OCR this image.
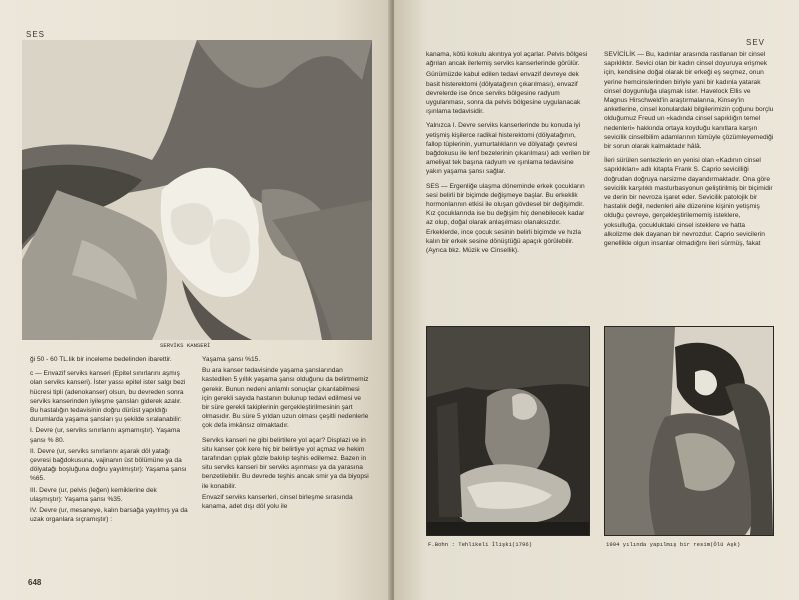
SES
SERVİKS KANSERİ

ği 50 - 60 TL.lik bir inceleme bedelinden ibarettir.

c — Envazif serviks kanseri (Epitel sınırlarını aşmış olan serviks kanseri). İster yassı epitel ister salgı bezi hücresi tipli (adenokanser) olsun, bu devreden sonra serviks kanserinden iyileşme şansları giderek azalır. Bu hastalığın tedavisinin doğru dürüst yapıldığı durumlarda yaşama şansları şu şekilde sıralanabilir:

I. Devre (ur, serviks sınırlarını aşmamıştır). Yaşama şansı % 80.

II. Devre (ur, serviks sınırlarını aşarak döl yatağı çevresi bağdokusuna, vajinanın üst bölümüne ya da dölyatağı boşluğuna doğru yayılmıştır): Yaşama şansı %65.

III. Devre (ur, pelvis (leğen) kemiklerine dek ulaşmıştır): Yaşama şansı %35.

IV. Devre (ur, mesaneye, kalın barsağa yayılmış ya da uzak organlara sıçramıştır) :

Yaşama şansı %15.

Bu ara kanser tedavisinde yaşama şanslarından kastedilen 5 yıllık yaşama şansı olduğunu da belirtmemiz gerekir. Bunun nedeni anlamlı sonuçlar çıkarılabilmesi için gerekli sayıda hastanın bulunup tedavi edilmesi ve bir süre gerekli takiplerinin gerçekleştirilmesinin şart olmasıdır. Bu süre 5 yıldan uzun olması çeşitli nedenlerle çok defa imkânsız olmaktadır.

Serviks kanseri ne gibi belirtilere yol açar? Displazi ve in situ kanser çok kere hiç bir belirtiye yol açmaz ve hekim tarafından çıplak gözle bakılıp teşhis edilemez. Bazen in situ serviks kanseri bir serviks aşınması ya da yarasına benzetilebilir. Bu devrede teşhis ancak smir ya da biyopsi ile konabilir.

Envazif serviks kanserleri, cinsel birleşme sırasında kanama, adet dışı döl yolu ile

648
SEV

kanama, kötü kokulu akıntıya yol açarlar. Pelvis bölgesi ağrıları ancak ilerlemiş serviks kanserlerinde görülür.

Günümüzde kabul edilen tedavi envazif devreye dek basit histerektomi (dölyatağının çıkarılması), envazif devrelerde ise önce serviks bölgesine radyum uygulanması, sonra da pelvis bölgesine uygulanacak ışınlama tedavisidir.

Yalnızca I. Devre serviks kanserlerinde bu konuda iyi yetişmiş kişilerce radikal histerektomi (dölyatağının, fallop tüplerinin, yumurtalıkların ve dölyatağı çevresi bağdokusu ile lenf bezelerinin çıkarılması) adı verilen bir ameliyat tek başına radyum ve ışınlama tedavisine yakın yaşama şansı sağlar.

SES — Ergenliğe ulaşma döneminde erkek çocukların sesi belirli bir biçimde değişmeye başlar. Bu erkeklik hormonlarının etkisi ile oluşan gövdesel bir değişimdir. Kız çocuklarında ise bu değişim hiç denebilecek kadar az olup, doğal olarak anlaşılması olanaksızdır. Erkeklerde, ince çocuk sesinin belirli biçimde ve hızla kalın bir erkek sesine dönüştüğü apaçık görülebilir. (Ayrıca bkz. Müzik ve Cinsellik).

SEVİCİLİK — Bu, kadınlar arasında rastlanan bir cinsel sapıklıktır. Sevici olan bir kadın cinsel doyuruya erişmek için, kendisine doğal olarak bir erkeği eş seçmez, onun yerine hemcinslerinden biriyle yani bir kadınla yatarak cinsel doygunluğa ulaşmak ister. Havelock Ellis ve Magnus Hirschweld'in araştırmalarına, Kinsey'in anketlerine, cinsel konulardaki bilgilerimizin çoğunu borçlu olduğumuz Freud un «kadında cinsel sapıklığın temel nedenleri» hakkında ortaya koyduğu kanıtlara karşın sevicilik cinselbilim adamlarının tümüyle çözümleyemediği bir sorun olarak kalmaktadır hâlâ.

İleri sürülen sentezlerin en yenisi olan «Kadının cinsel sapıklıkları» adlı kitapta Frank S. Caprio sevicilliği doğrudan doğruya narsizme dayandırmaktadır. Ona göre sevicilik karşılıklı masturbasyonun geliştirilmiş bir biçimidir ve derin bir nevroza işaret eder. Sevicilik patolojik bir hastalık değil, nedenleri aile düzenine kişinin yetişmiş olduğu çevreye, gerçekleştirilememiş isteklere, yoksulluğa, çocukluktaki cinsel isteklere ve hatta alkolizme dek dayanan bir nevrozdur. Caprio sevicilerin genellikle olgun insanlar olmadığını ileri sürmüş, fakat

F.Bohn : Tehlikeli İlişki(1796)	1904 yılında yapılmış bir resim(Ölü Aşk)
